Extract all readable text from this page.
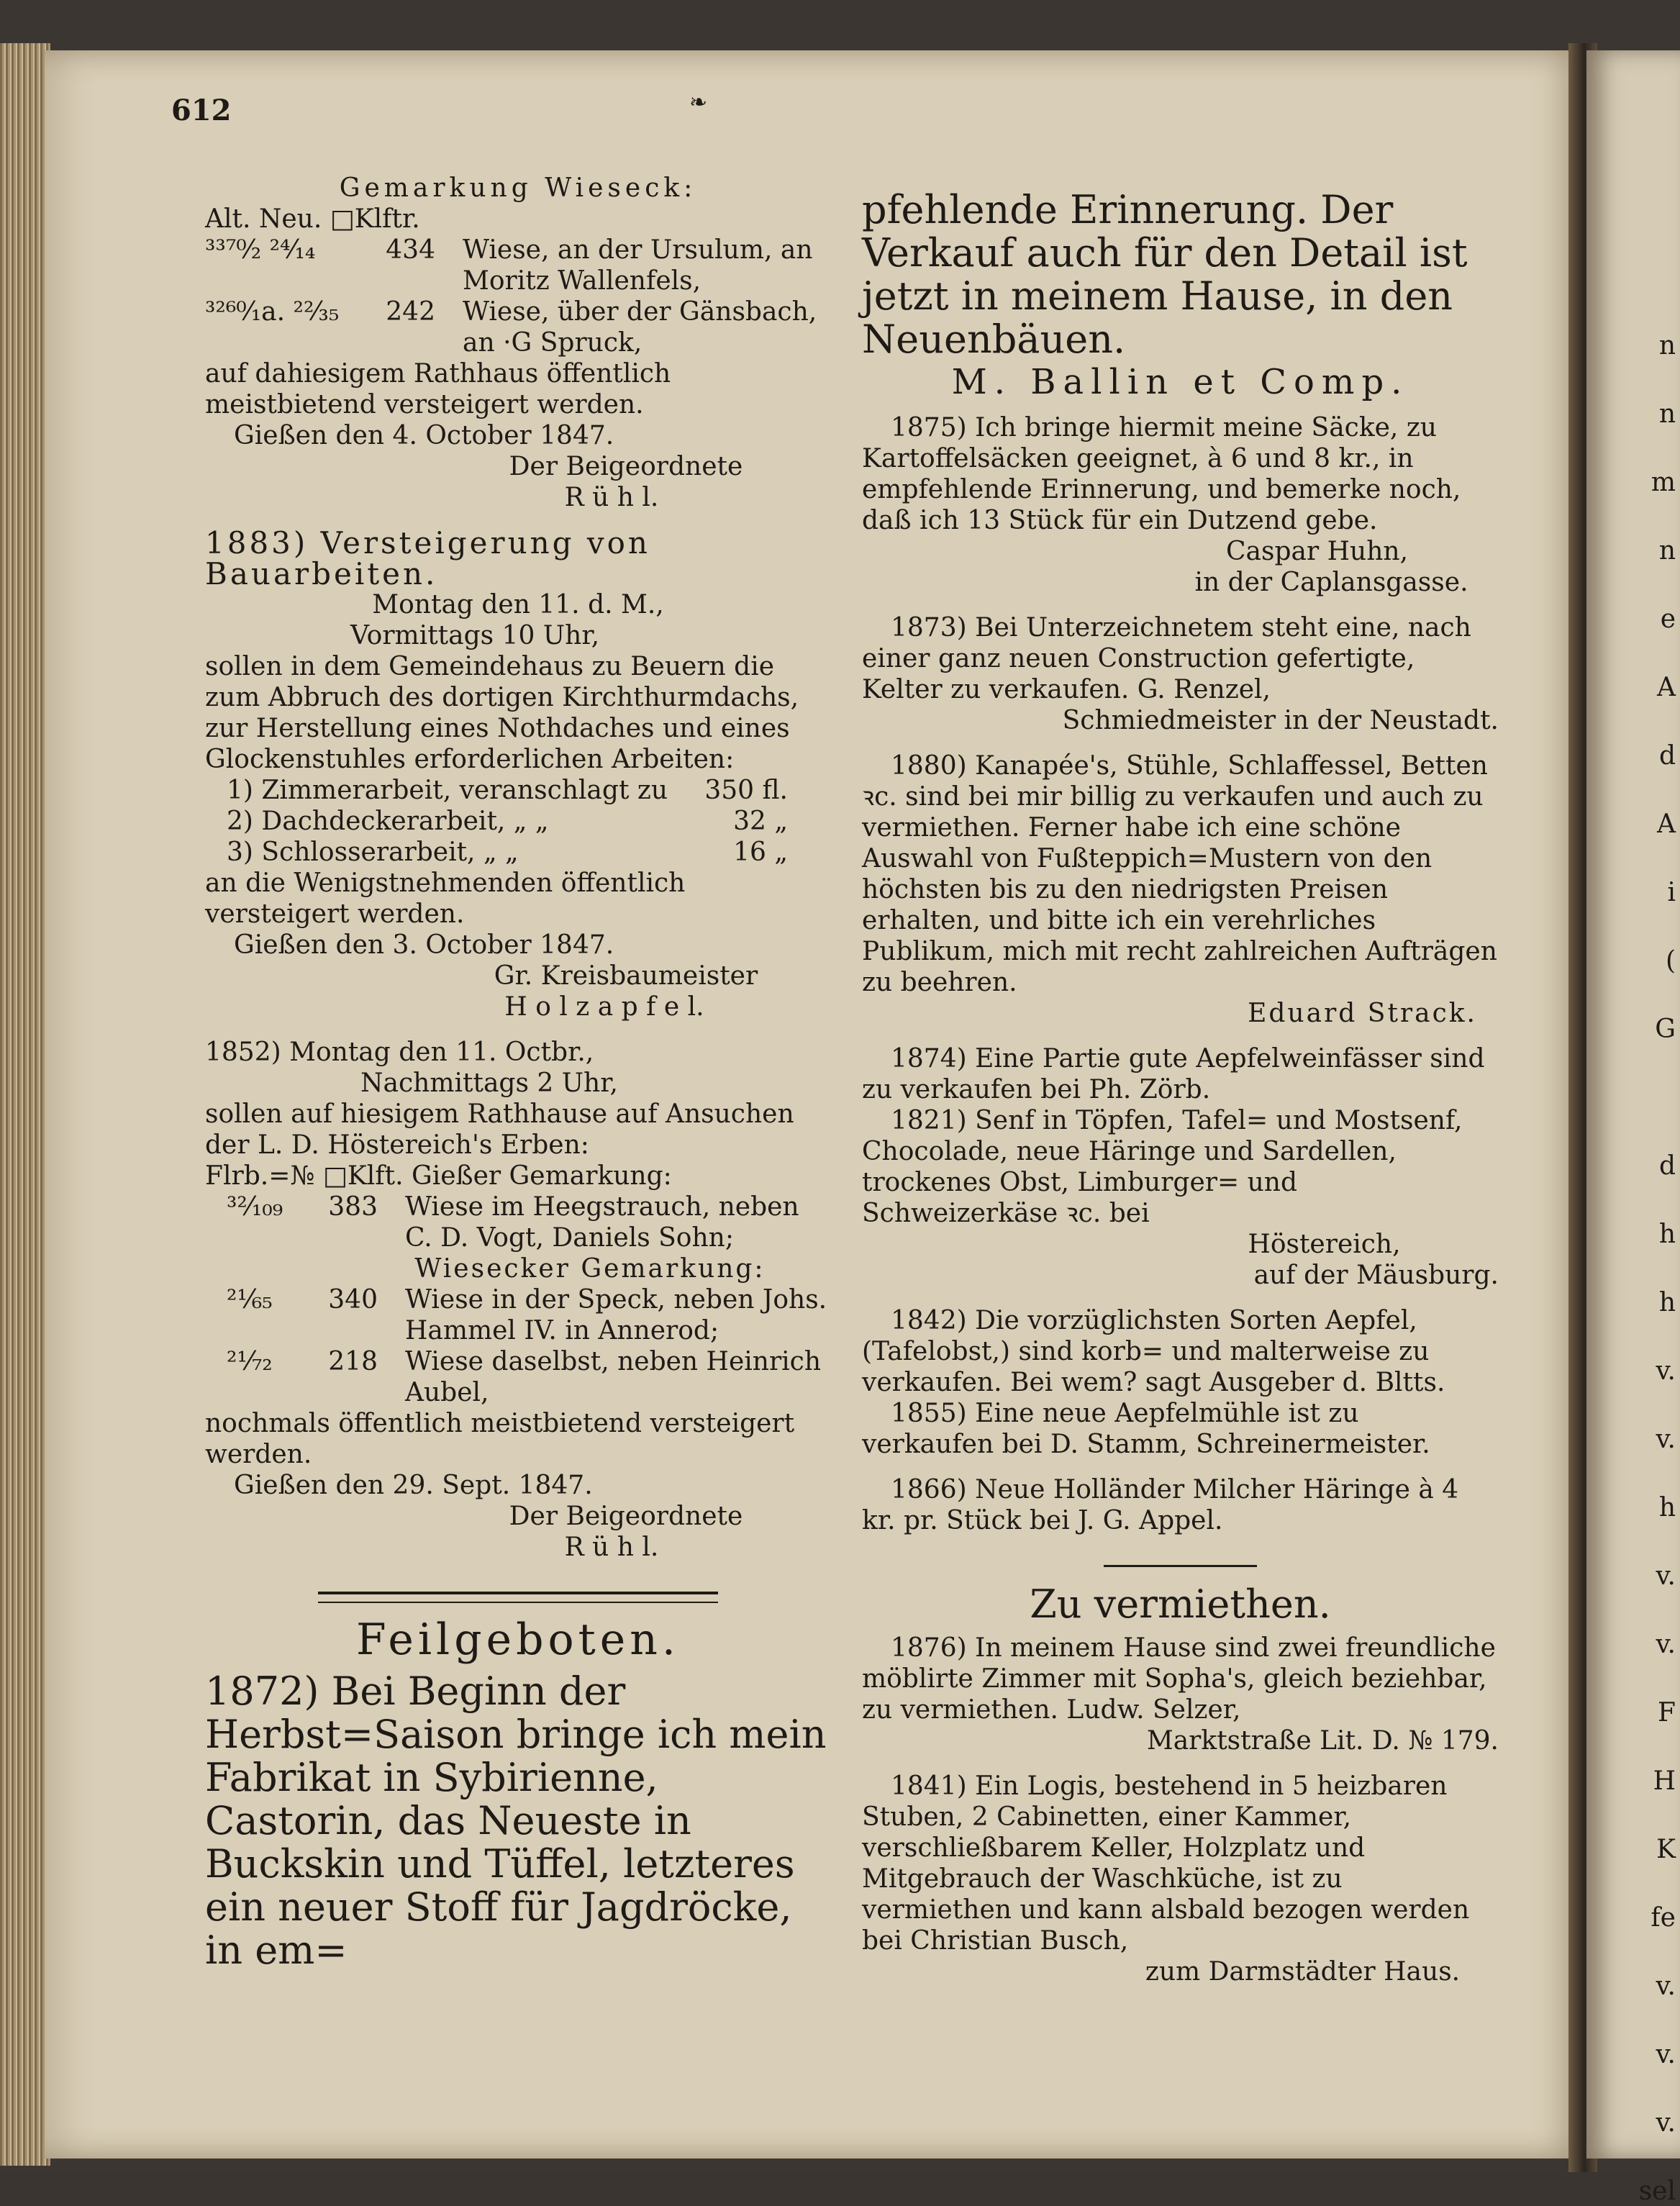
n
n
m
n
e
A
d
A
i
(
G
d
h
h
v.
v.
h
v.
v.
F
H
K
fe
v.
v.
v.
sel
612	❧

Gemarkung Wieseck:

Alt. Neu. □Klftr.

³³⁷⁰⁄₂ ²⁴⁄₁₄	434 Wiese, an der Ursulum, an Moritz Wallenfels,
³²⁶⁰⁄₁a. ²²⁄₃₅	242 Wiese, über der Gänsbach, an ·G Spruck,

auf dahiesigem Rathhaus öffentlich meistbietend versteigert werden.

Gießen den 4. October 1847.

Der Beigeordnete

R ü h l.

1883) Versteigerung von Bauarbeiten.

Montag den 11. d. M.,

Vormittags 10 Uhr,

sollen in dem Gemeindehaus zu Beuern die zum Abbruch des dortigen Kirchthurmdachs, zur Herstellung eines Nothdaches und eines Glockenstuhles erforderlichen Arbeiten:

1) Zimmerarbeit, veranschlagt zu 350 fl.
2) Dachdeckerarbeit, „ „	32 „
3) Schlosserarbeit, „ „	16 „

an die Wenigstnehmenden öffentlich versteigert werden.

Gießen den 3. October 1847.

Gr. Kreisbaumeister

H o l z a p f e l.

1852) Montag den 11. Octbr.,

Nachmittags 2 Uhr,

sollen auf hiesigem Rathhause auf Ansuchen der L. D. Höstereich's Erben:

Flrb.=№ □Klft. Gießer Gemarkung:

³²⁄₁₀₉	383 Wiese im Heegstrauch, neben C. D. Vogt, Daniels Sohn;

Wiesecker Gemarkung:

²¹⁄₆₅	340 Wiese in der Speck, neben Johs. Hammel IV. in Annerod;
²¹⁄₇₂	218 Wiese daselbst, neben Heinrich Aubel,

nochmals öffentlich meistbietend versteigert werden.

Gießen den 29. Sept. 1847.

Der Beigeordnete

R ü h l.

Feilgeboten.

1872) Bei Beginn der Herbst=Saison bringe ich mein Fabrikat in Sybirienne, Castorin, das Neueste in Buckskin und Tüffel, letzteres ein neuer Stoff für Jagdröcke, in em=

pfehlende Erinnerung. Der Verkauf auch für den Detail ist jetzt in meinem Hause, in den Neuenbäuen.

M. Ballin et Comp.

1875) Ich bringe hiermit meine Säcke, zu Kartoffelsäcken geeignet, à 6 und 8 kr., in empfehlende Erinnerung, und bemerke noch, daß ich 13 Stück für ein Dutzend gebe.

Caspar Huhn,

in der Caplansgasse.

1873) Bei Unterzeichnetem steht eine, nach einer ganz neuen Construction gefertigte, Kelter zu verkaufen. G. Renzel,

Schmiedmeister in der Neustadt.

1880) Kanapée's, Stühle, Schlaffessel, Betten ꝛc. sind bei mir billig zu verkaufen und auch zu vermiethen. Ferner habe ich eine schöne Auswahl von Fußteppich=Mustern von den höchsten bis zu den niedrigsten Preisen erhalten, und bitte ich ein verehrliches Publikum, mich mit recht zahlreichen Aufträgen zu beehren.

Eduard Strack.

1874) Eine Partie gute Aepfelweinfässer sind zu verkaufen bei Ph. Zörb.

1821) Senf in Töpfen, Tafel= und Mostsenf, Chocolade, neue Häringe und Sardellen, trockenes Obst, Limburger= und Schweizerkäse ꝛc. bei

Höstereich,

auf der Mäusburg.

1842) Die vorzüglichsten Sorten Aepfel, (Tafelobst,) sind korb= und malterweise zu verkaufen. Bei wem? sagt Ausgeber d. Bltts.

1855) Eine neue Aepfelmühle ist zu verkaufen bei D. Stamm, Schreinermeister.

1866) Neue Holländer Milcher Häringe à 4 kr. pr. Stück bei J. G. Appel.

Zu vermiethen.

1876) In meinem Hause sind zwei freundliche möblirte Zimmer mit Sopha's, gleich beziehbar, zu vermiethen. Ludw. Selzer,

Marktstraße Lit. D. № 179.

1841) Ein Logis, bestehend in 5 heizbaren Stuben, 2 Cabinetten, einer Kammer, verschließbarem Keller, Holzplatz und Mitgebrauch der Waschküche, ist zu vermiethen und kann alsbald bezogen werden bei Christian Busch,

zum Darmstädter Haus.
